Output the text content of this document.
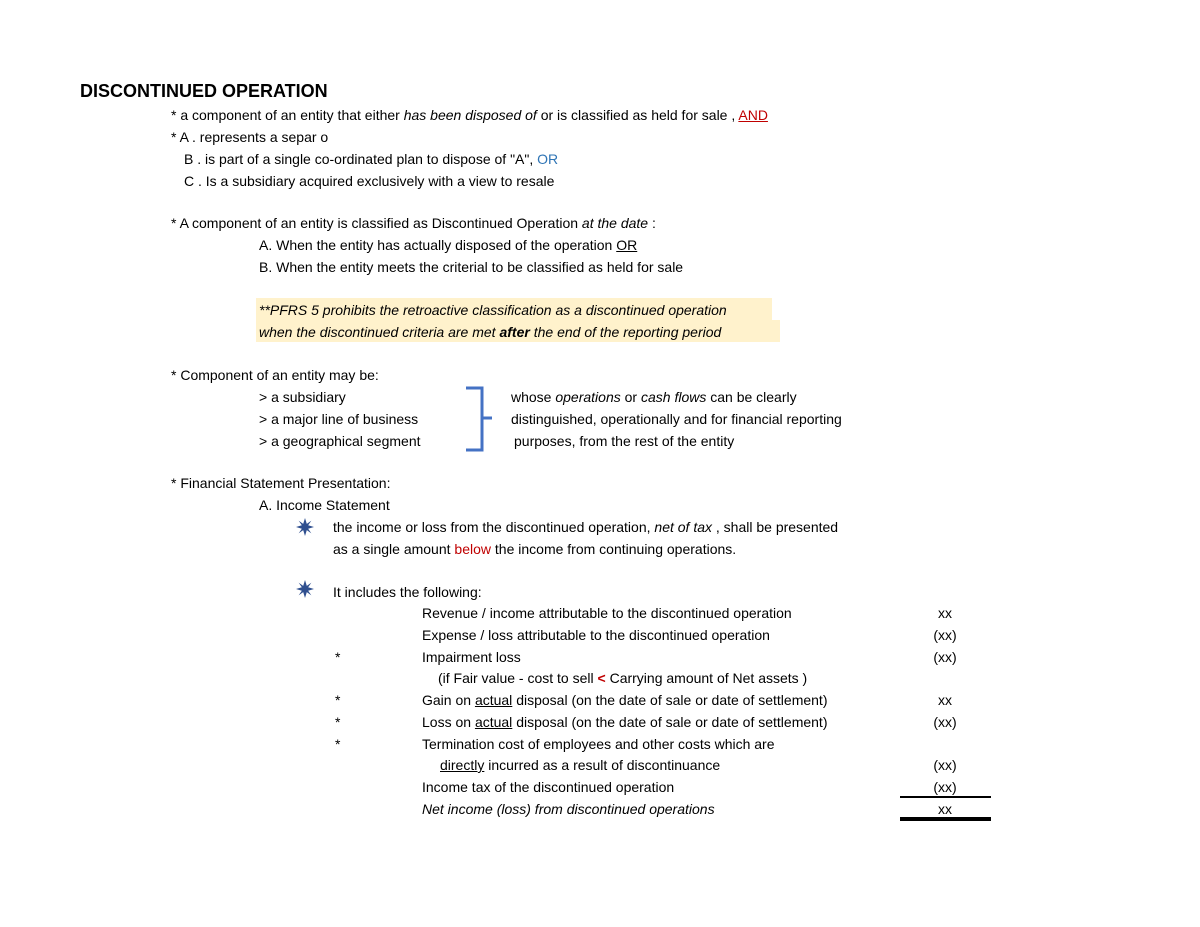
DISCONTINUED OPERATION
* a component of an entity that either has been disposed of or is classified as held for sale , AND
* A . represents a separ o
B . is part of a single co-ordinated plan to dispose of "A", OR
C . Is a subsidiary acquired exclusively with a view to resale
* A component of an entity is classified as Discontinued Operation at the date :
A. When the entity has actually disposed of the operation OR
B. When the entity meets the criterial to be classified as held for sale
**PFRS 5 prohibits the retroactive classification as a discontinued operation
when the discontinued criteria are met after the end of the reporting period
* Component of an entity may be:
> a subsidiary
> a major line of business
> a geographical segment
whose operations or cash flows can be clearly
distinguished, operationally and for financial reporting
purposes, from the rest of the entity
* Financial Statement Presentation:
A. Income Statement
the income or loss from the discontinued operation, net of tax , shall be presented
as a single amount below the income from continuing operations.
It includes the following:
Revenue / income attributable to the discontinued operation	xx
Expense / loss attributable to the discontinued operation	(xx)
*	Impairment loss	(xx)
(if Fair value - cost to sell < Carrying amount of Net assets )
*	Gain on actual disposal (on the date of sale or date of settlement)	xx
*	Loss on actual disposal (on the date of sale or date of settlement)	(xx)
*	Termination cost of employees and other costs which are
directly incurred as a result of discontinuance	(xx)
Income tax of the discontinued operation	(xx)
Net income (loss) from discontinued operations	xx
